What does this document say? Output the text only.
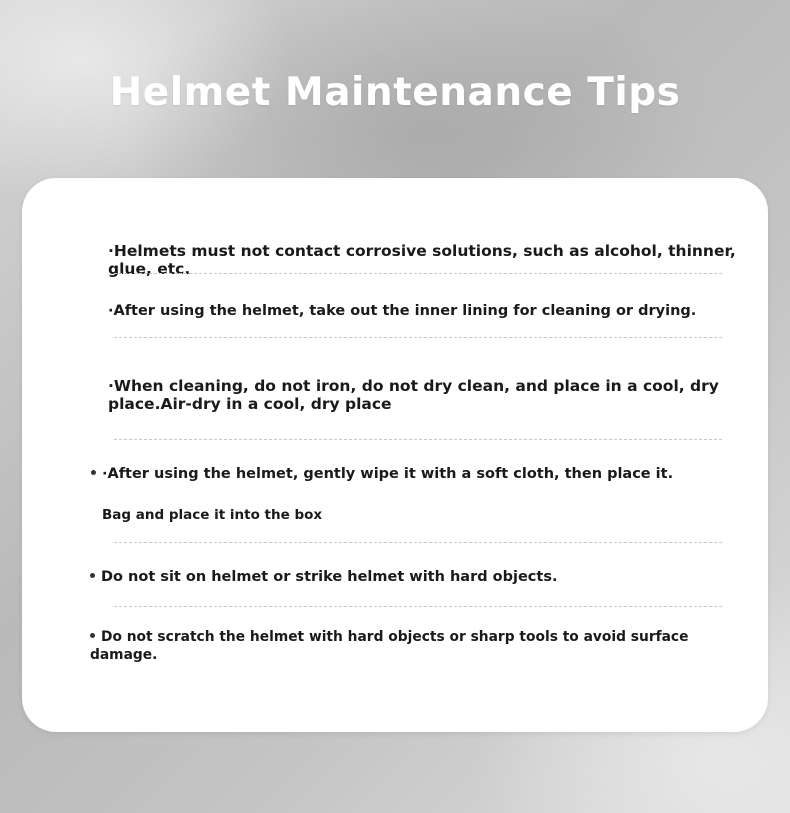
Helmet Maintenance Tips

·Helmets must not contact corrosive solutions, such as alcohol, thinner, glue, etc.

·After using the helmet, take out the inner lining for cleaning or drying.

·When cleaning, do not iron, do not dry clean, and place in a cool, dry place.Air-dry in a cool, dry place

·After using the helmet, gently wipe it with a soft cloth, then place it.

Bag and place it into the box

Do not sit on helmet or strike helmet with hard objects.

Do not scratch the helmet with hard objects or sharp tools to avoid surface damage.
